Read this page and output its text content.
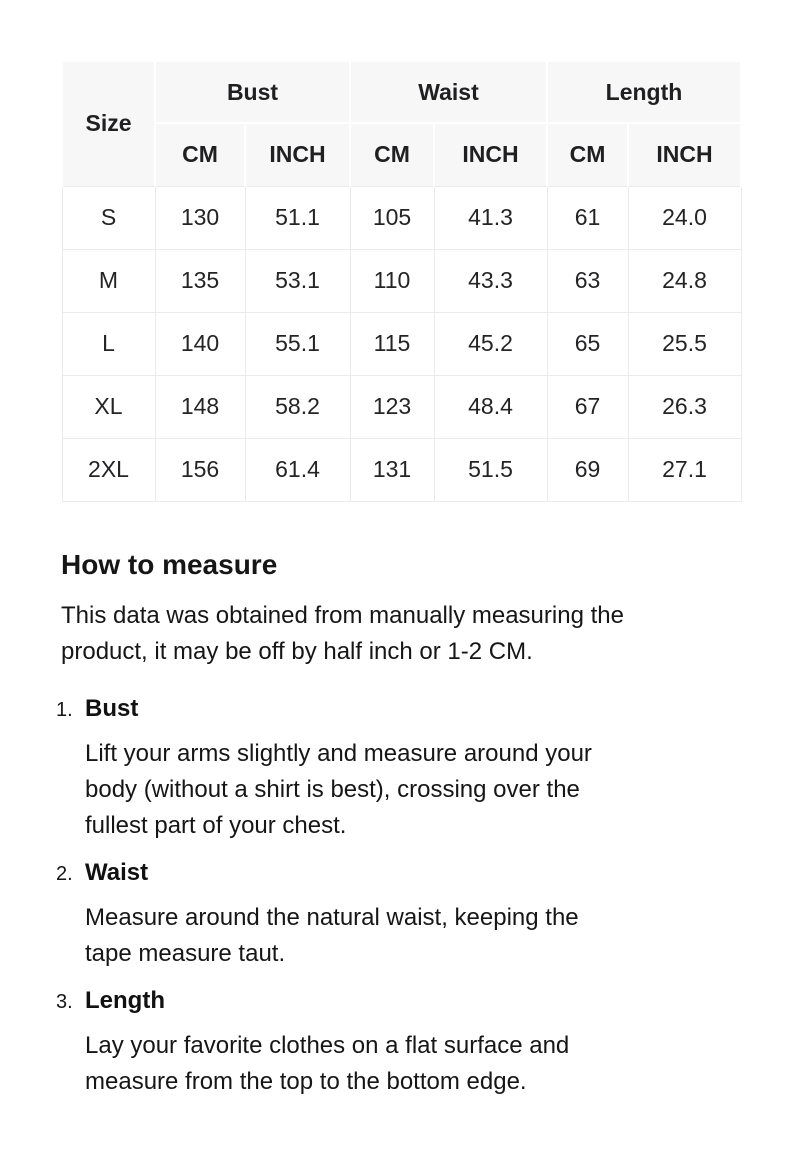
Size	Bust		Waist		Length	
	CM	INCH	CM	INCH	CM	INCH
S	130	51.1	105	41.3	61	24.0
M	135	53.1	110	43.3	63	24.8
L	140	55.1	115	45.2	65	25.5
XL	148	58.2	123	48.4	67	26.3
2XL	156	61.4	131	51.5	69	27.1
How to measure

This data was obtained from manually measuring the
product, it may be off by half inch or 1-2 CM.

1. Bust

Lift your arms slightly and measure around your
body (without a shirt is best), crossing over the
fullest part of your chest.

2. Waist

Measure around the natural waist, keeping the
tape measure taut.

3. Length

Lay your favorite clothes on a flat surface and
measure from the top to the bottom edge.
